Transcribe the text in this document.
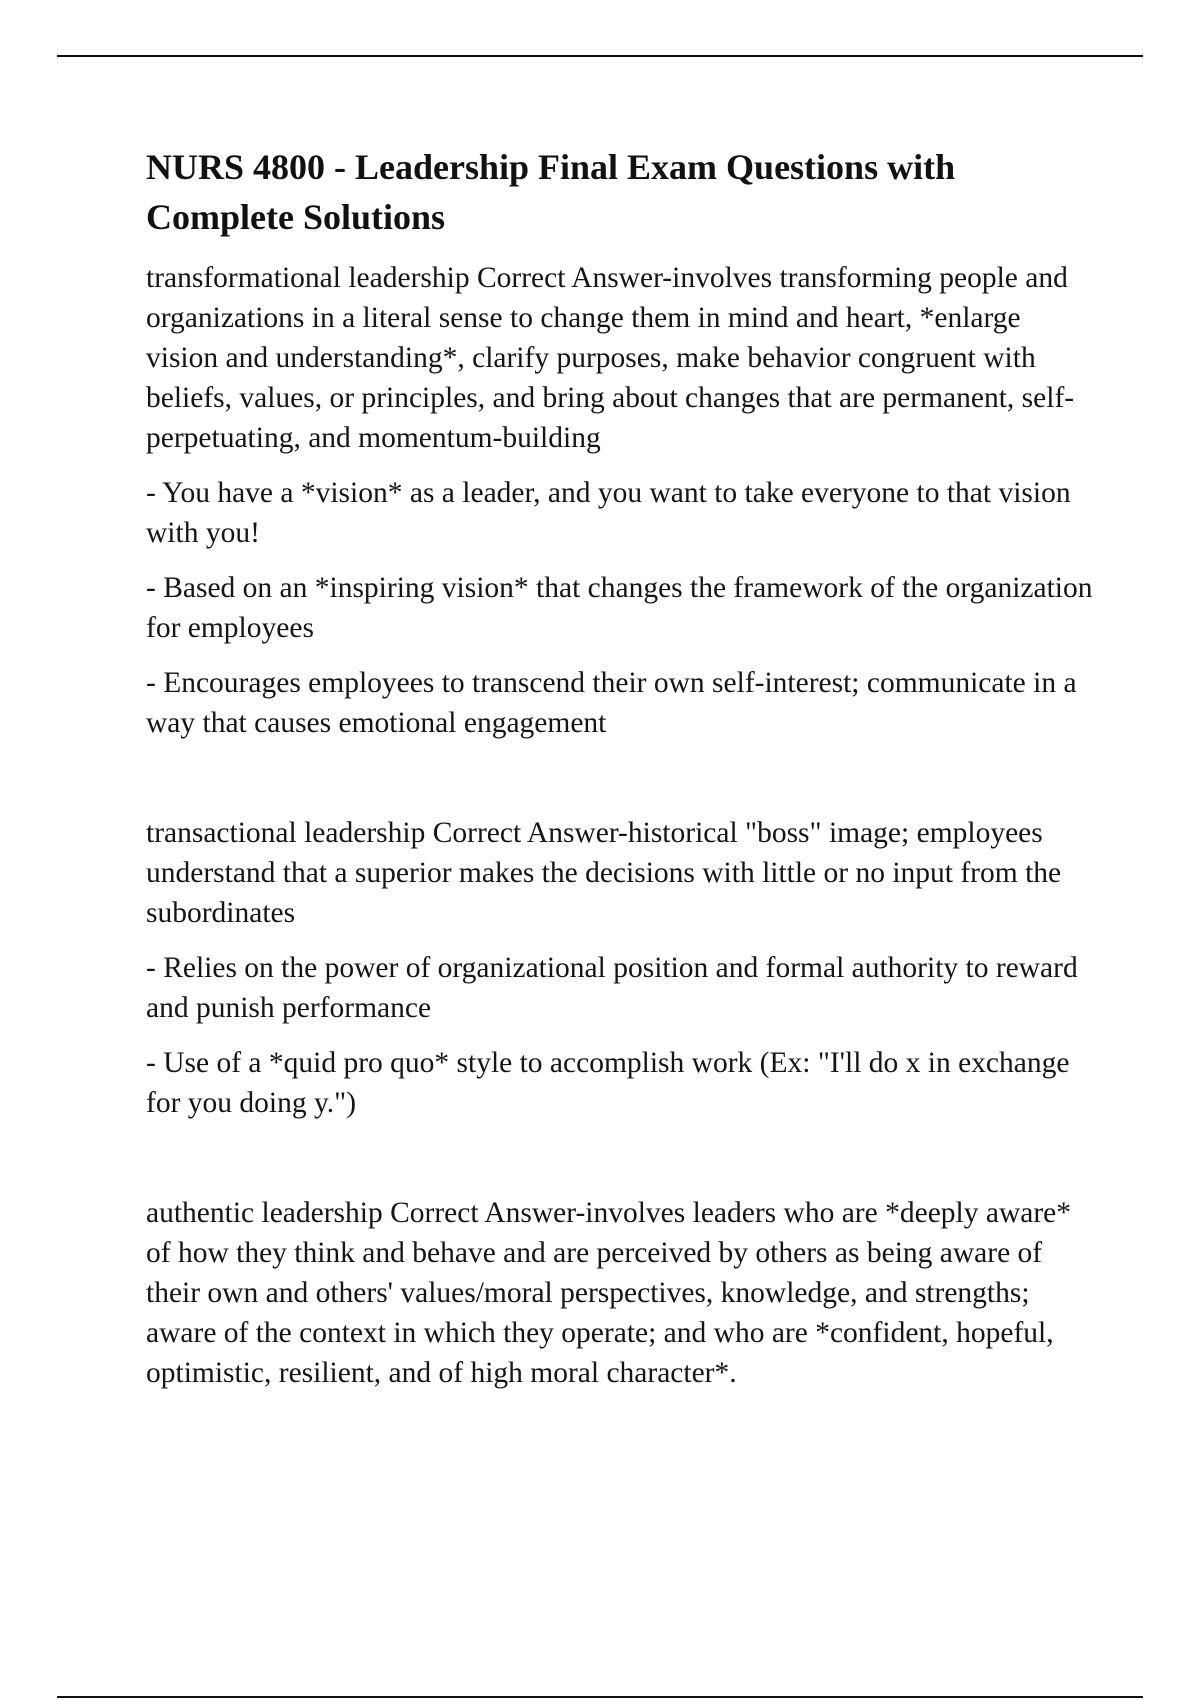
NURS 4800 - Leadership Final Exam Questions with Complete Solutions

transformational leadership Correct Answer-involves transforming people and organizations in a literal sense to change them in mind and heart, *enlarge vision and understanding*, clarify purposes, make behavior congruent with beliefs, values, or principles, and bring about changes that are permanent, self-perpetuating, and momentum-building

- You have a *vision* as a leader, and you want to take everyone to that vision with you!

- Based on an *inspiring vision* that changes the framework of the organization for employees

- Encourages employees to transcend their own self-interest; communicate in a way that causes emotional engagement

transactional leadership Correct Answer-historical "boss" image; employees understand that a superior makes the decisions with little or no input from the subordinates

- Relies on the power of organizational position and formal authority to reward and punish performance

- Use of a *quid pro quo* style to accomplish work (Ex: "I'll do x in exchange for you doing y.")

authentic leadership Correct Answer-involves leaders who are *deeply aware* of how they think and behave and are perceived by others as being aware of their own and others' values/moral perspectives, knowledge, and strengths; aware of the context in which they operate; and who are *confident, hopeful, optimistic, resilient, and of high moral character*.
